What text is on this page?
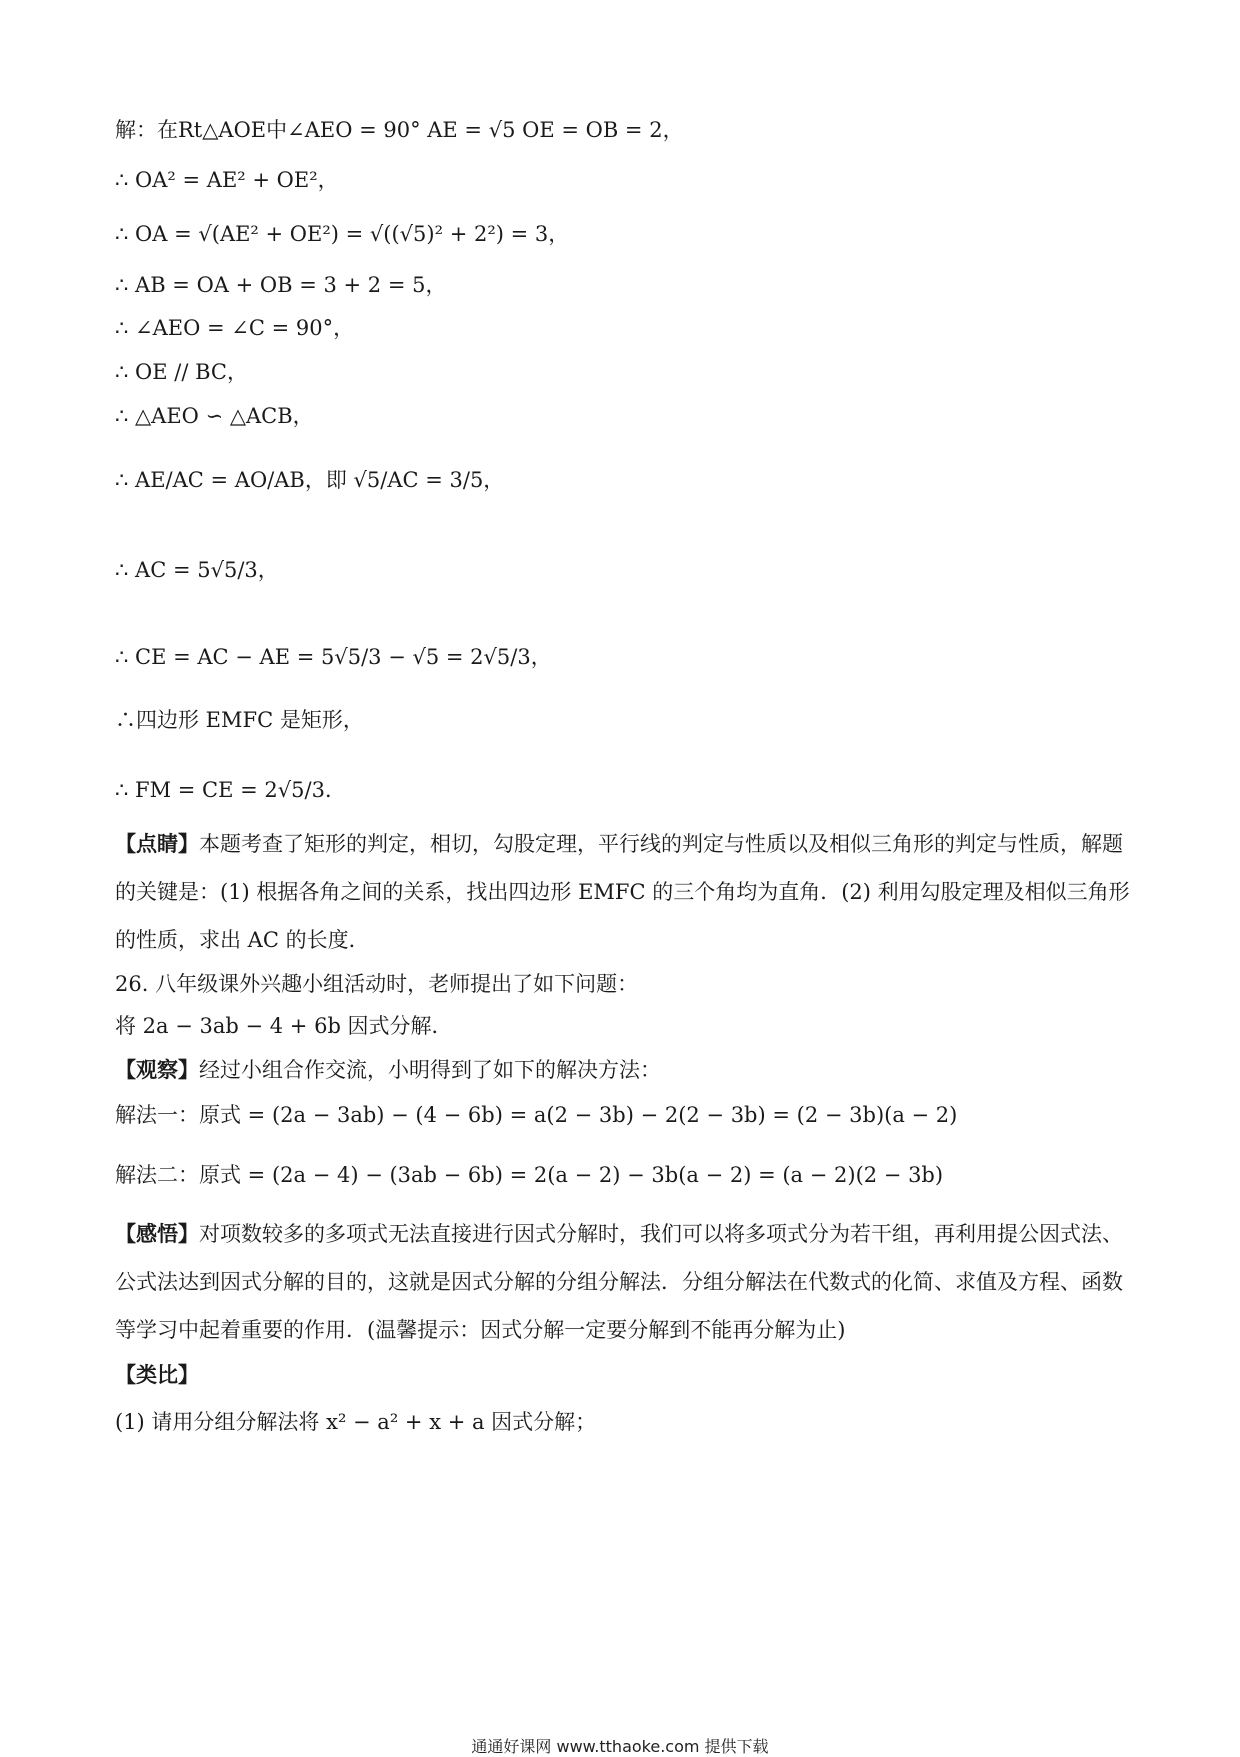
解：在Rt△AOE中∠AEO = 90° AE = √5 OE = OB = 2，
∴ OA² = AE² + OE²，
∴ OA = √(AE² + OE²) = √((√5)² + 2²) = 3，
∴ AB = OA + OB = 3 + 2 = 5，
∴ ∠AEO = ∠C = 90°，
∴ OE // BC，
∴ △AEO ∽ △ACB，
∴ AE/AC = AO/AB，即 √5/AC = 3/5，
∴ AC = 5√5/3，
∴ CE = AC − AE = 5√5/3 − √5 = 2√5/3，
∴四边形 EMFC 是矩形，
∴ FM = CE = 2√5/3．
【点睛】本题考查了矩形的判定，相切，勾股定理，平行线的判定与性质以及相似三角形的判定与性质，解题的关键是：(1) 根据各角之间的关系，找出四边形 EMFC 的三个角均为直角．(2) 利用勾股定理及相似三角形的性质，求出 AC 的长度．
26. 八年级课外兴趣小组活动时，老师提出了如下问题：
将 2a − 3ab − 4 + 6b 因式分解．
【观察】经过小组合作交流，小明得到了如下的解决方法：
解法一：原式 = (2a − 3ab) − (4 − 6b) = a(2 − 3b) − 2(2 − 3b) = (2 − 3b)(a − 2)
解法二：原式 = (2a − 4) − (3ab − 6b) = 2(a − 2) − 3b(a − 2) = (a − 2)(2 − 3b)
【感悟】对项数较多的多项式无法直接进行因式分解时，我们可以将多项式分为若干组，再利用提公因式法、公式法达到因式分解的目的，这就是因式分解的分组分解法．分组分解法在代数式的化简、求值及方程、函数等学习中起着重要的作用．(温馨提示：因式分解一定要分解到不能再分解为止)
【类比】
(1) 请用分组分解法将 x² − a² + x + a 因式分解；
通通好课网 www.tthaoke.com 提供下载
